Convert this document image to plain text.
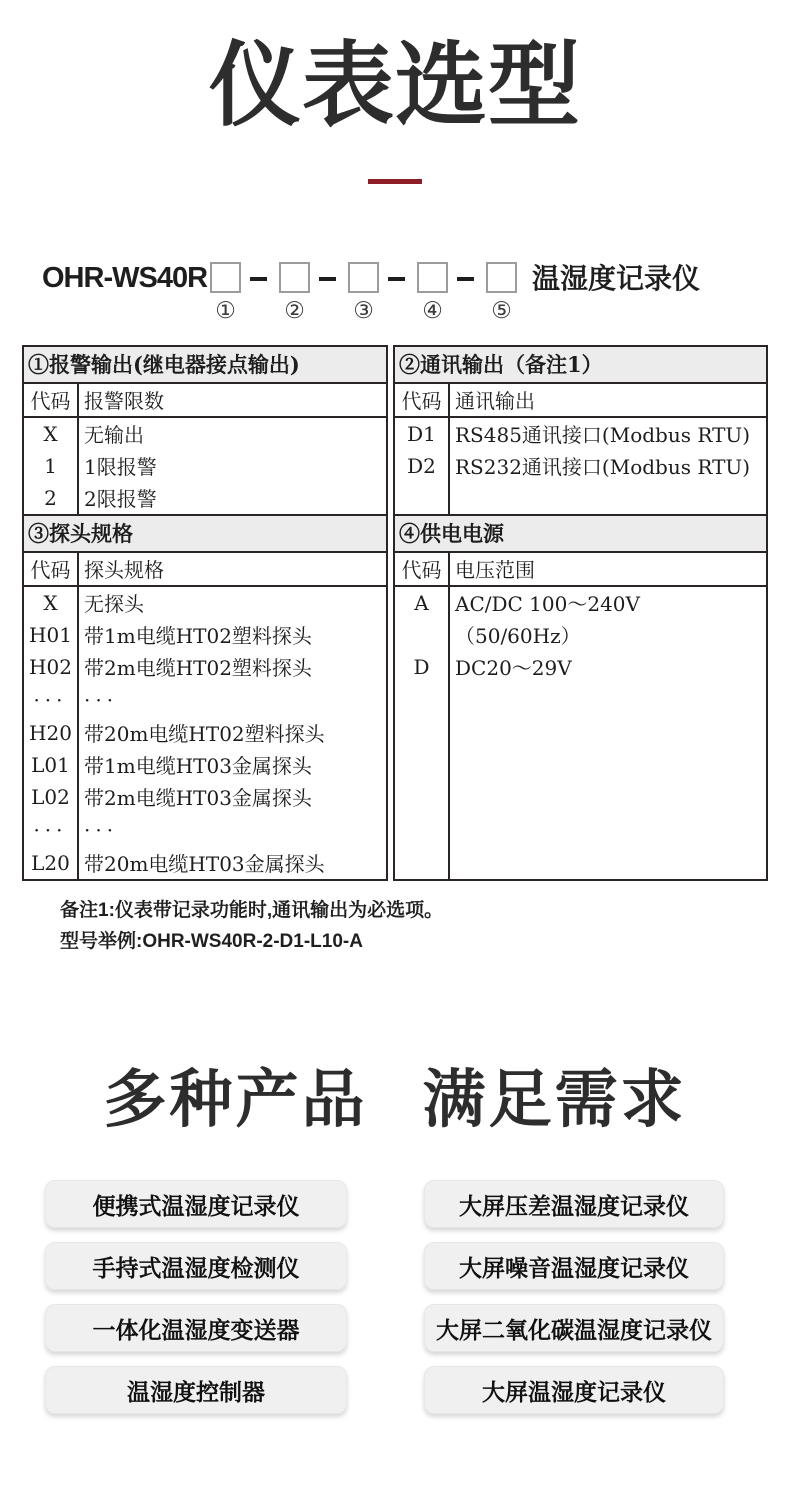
仪表选型
OHR-WS40R
① ② ③ ④ ⑤
温湿度记录仪
①报警输出(继电器接点输出)
代码 报警限数
X	无输出
1	1限报警
2	2限报警
③探头规格
代码 探头规格
X	无探头
H01 带1m电缆HT02塑料探头
H02 带2m电缆HT02塑料探头
··· ···
H20 带20m电缆HT02塑料探头
L01 带1m电缆HT03金属探头
L02 带2m电缆HT03金属探头
··· ···
L20 带20m电缆HT03金属探头
②通讯输出（备注1）
代码 通讯输出
D1 RS485通讯接口(Modbus RTU)
D2 RS232通讯接口(Modbus RTU)
④供电电源
代码 电压范围
A	AC/DC 100～240V
（50/60Hz）
D	DC20～29V

备注1:仪表带记录功能时,通讯输出为必选项。

型号举例:OHR-WS40R-2-D1-L10-A

多种产品 满足需求
便携式温湿度记录仪
手持式温湿度检测仪
一体化温湿度变送器
温湿度控制器
大屏压差温湿度记录仪
大屏噪音温湿度记录仪
大屏二氧化碳温湿度记录仪
大屏温湿度记录仪
